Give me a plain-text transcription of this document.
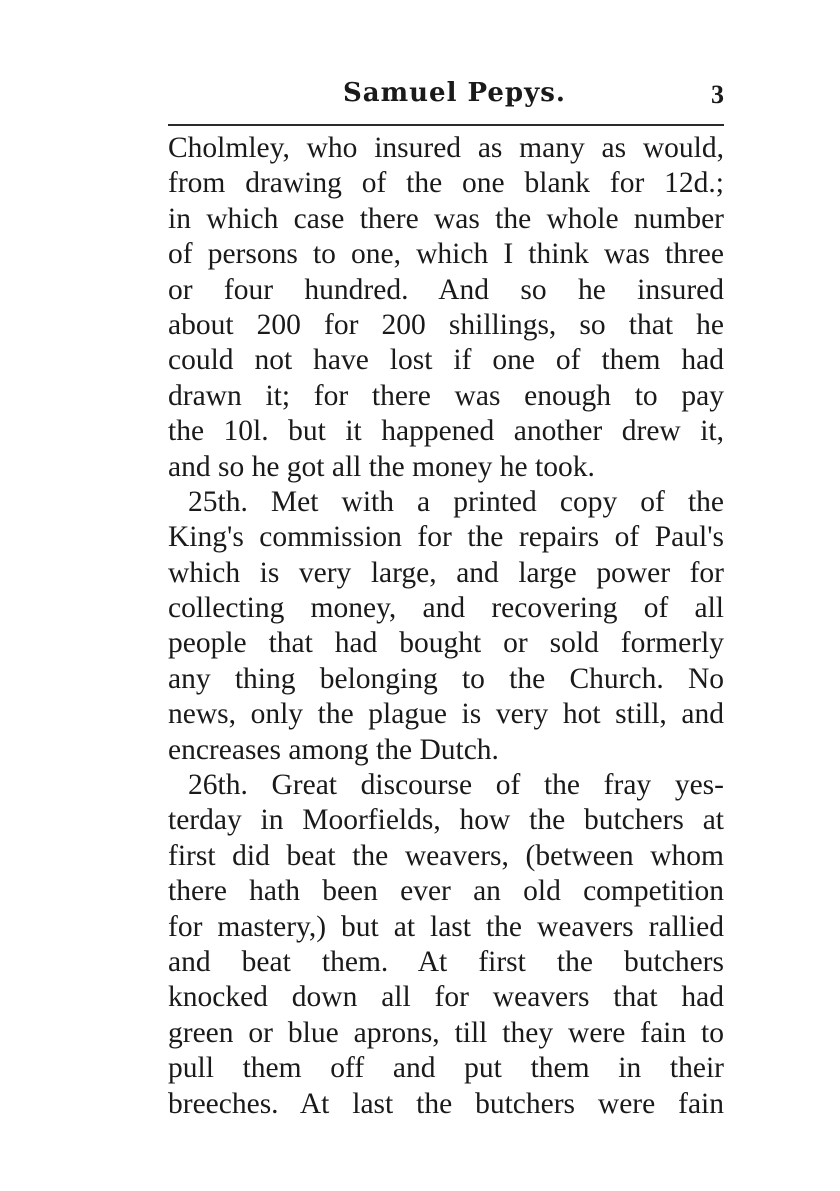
Samuel Pepys.	3
Cholmley, who insured as many as would,
from drawing of the one blank for 12d.;
in which case there was the whole number
of persons to one, which I think was three
or four hundred. And so he insured
about 200 for 200 shillings, so that he
could not have lost if one of them had
drawn it; for there was enough to pay
the 10l. but it happened another drew it,
and so he got all the money he took.
25th. Met with a printed copy of the
King's commission for the repairs of Paul's
which is very large, and large power for
collecting money, and recovering of all
people that had bought or sold formerly
any thing belonging to the Church. No
news, only the plague is very hot still, and
encreases among the Dutch.
26th. Great discourse of the fray yes-
terday in Moorfields, how the butchers at
first did beat the weavers, (between whom
there hath been ever an old competition
for mastery,) but at last the weavers rallied
and beat them. At first the butchers
knocked down all for weavers that had
green or blue aprons, till they were fain to
pull them off and put them in their
breeches. At last the butchers were fain
